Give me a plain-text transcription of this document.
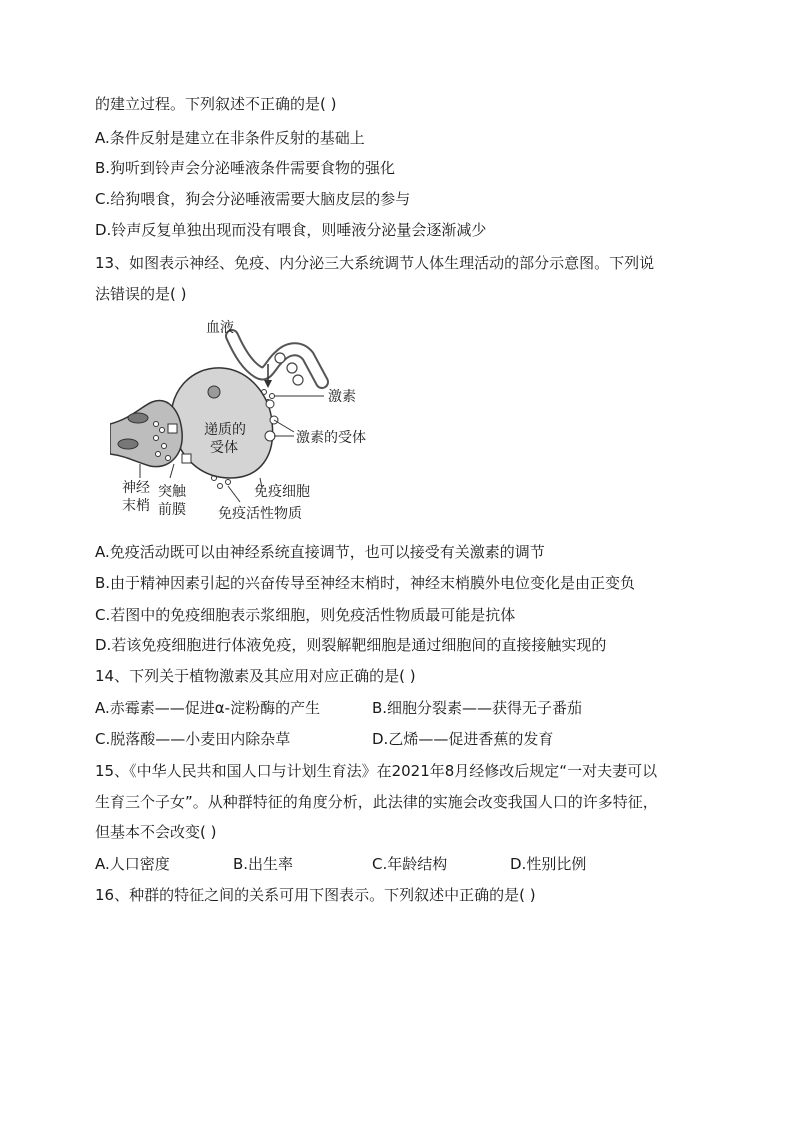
的建立过程。下列叙述不正确的是( )
A.条件反射是建立在非条件反射的基础上
B.狗听到铃声会分泌唾液条件需要食物的强化
C.给狗喂食，狗会分泌唾液需要大脑皮层的参与
D.铃声反复单独出现而没有喂食，则唾液分泌量会逐渐减少
13、如图表示神经、免疫、内分泌三大系统调节人体生理活动的部分示意图。下列说
法错误的是( )
血液
激素
递质的
受体
激素的受体
神经
末梢
突触
前膜
免疫细胞
免疫活性物质
A.免疫活动既可以由神经系统直接调节，也可以接受有关激素的调节
B.由于精神因素引起的兴奋传导至神经末梢时，神经末梢膜外电位变化是由正变负
C.若图中的免疫细胞表示浆细胞，则免疫活性物质最可能是抗体
D.若该免疫细胞进行体液免疫，则裂解靶细胞是通过细胞间的直接接触实现的
14、下列关于植物激素及其应用对应正确的是( )
A.赤霉素——促进α-淀粉酶的产生	B.细胞分裂素——获得无子番茄
C.脱落酸——小麦田内除杂草	D.乙烯——促进香蕉的发育
15、《中华人民共和国人口与计划生育法》在2021年8月经修改后规定“一对夫妻可以
生育三个子女”。从种群特征的角度分析，此法律的实施会改变我国人口的许多特征，
但基本不会改变( )
A.人口密度	B.出生率	C.年龄结构	D.性别比例
16、种群的特征之间的关系可用下图表示。下列叙述中正确的是( )
